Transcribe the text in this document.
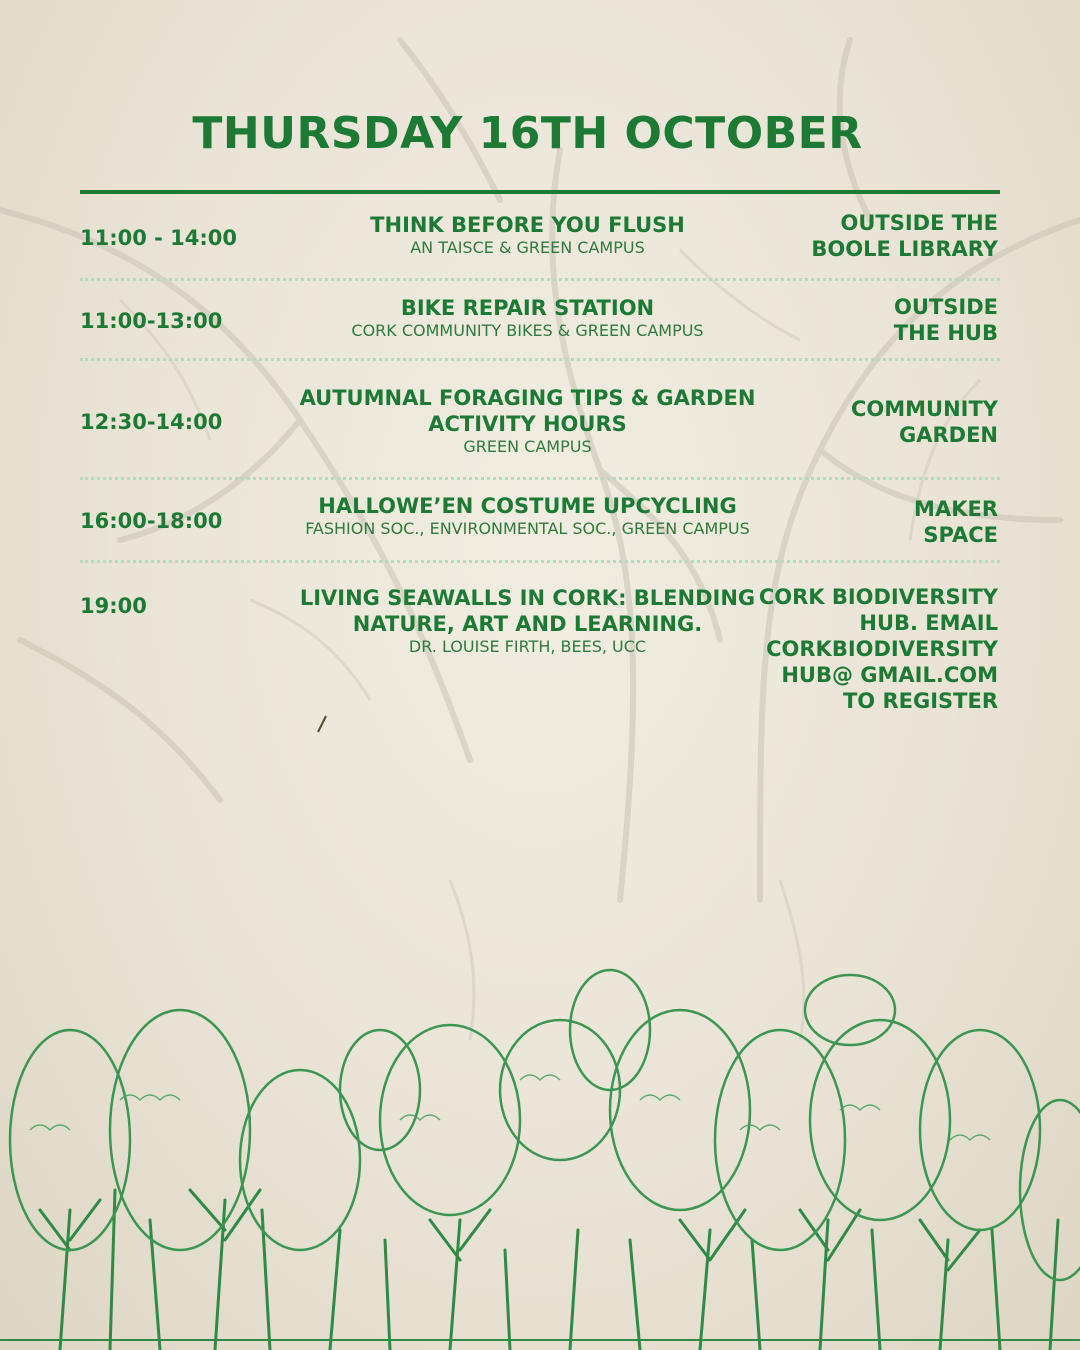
THURSDAY 16TH OCTOBER
11:00 - 14:00
THINK BEFORE YOU FLUSH
AN TAISCE & GREEN CAMPUS
OUTSIDE THE BOOLE LIBRARY
11:00-13:00
BIKE REPAIR STATION
CORK COMMUNITY BIKES & GREEN CAMPUS
OUTSIDE THE HUB
12:30-14:00
AUTUMNAL FORAGING TIPS & GARDEN ACTIVITY HOURS
GREEN CAMPUS
COMMUNITY GARDEN
16:00-18:00
HALLOWE’EN COSTUME UPCYCLING
FASHION SOC., ENVIRONMENTAL SOC., GREEN CAMPUS
MAKER SPACE
19:00	LIVING SEAWALLS IN CORK: BLENDING NATURE, ART AND LEARNING.
DR. LOUISE FIRTH, BEES, UCC
CORK BIODIVERSITY HUB. EMAIL CORKBIODIVERSITY HUB@ GMAIL.COM TO REGISTER
